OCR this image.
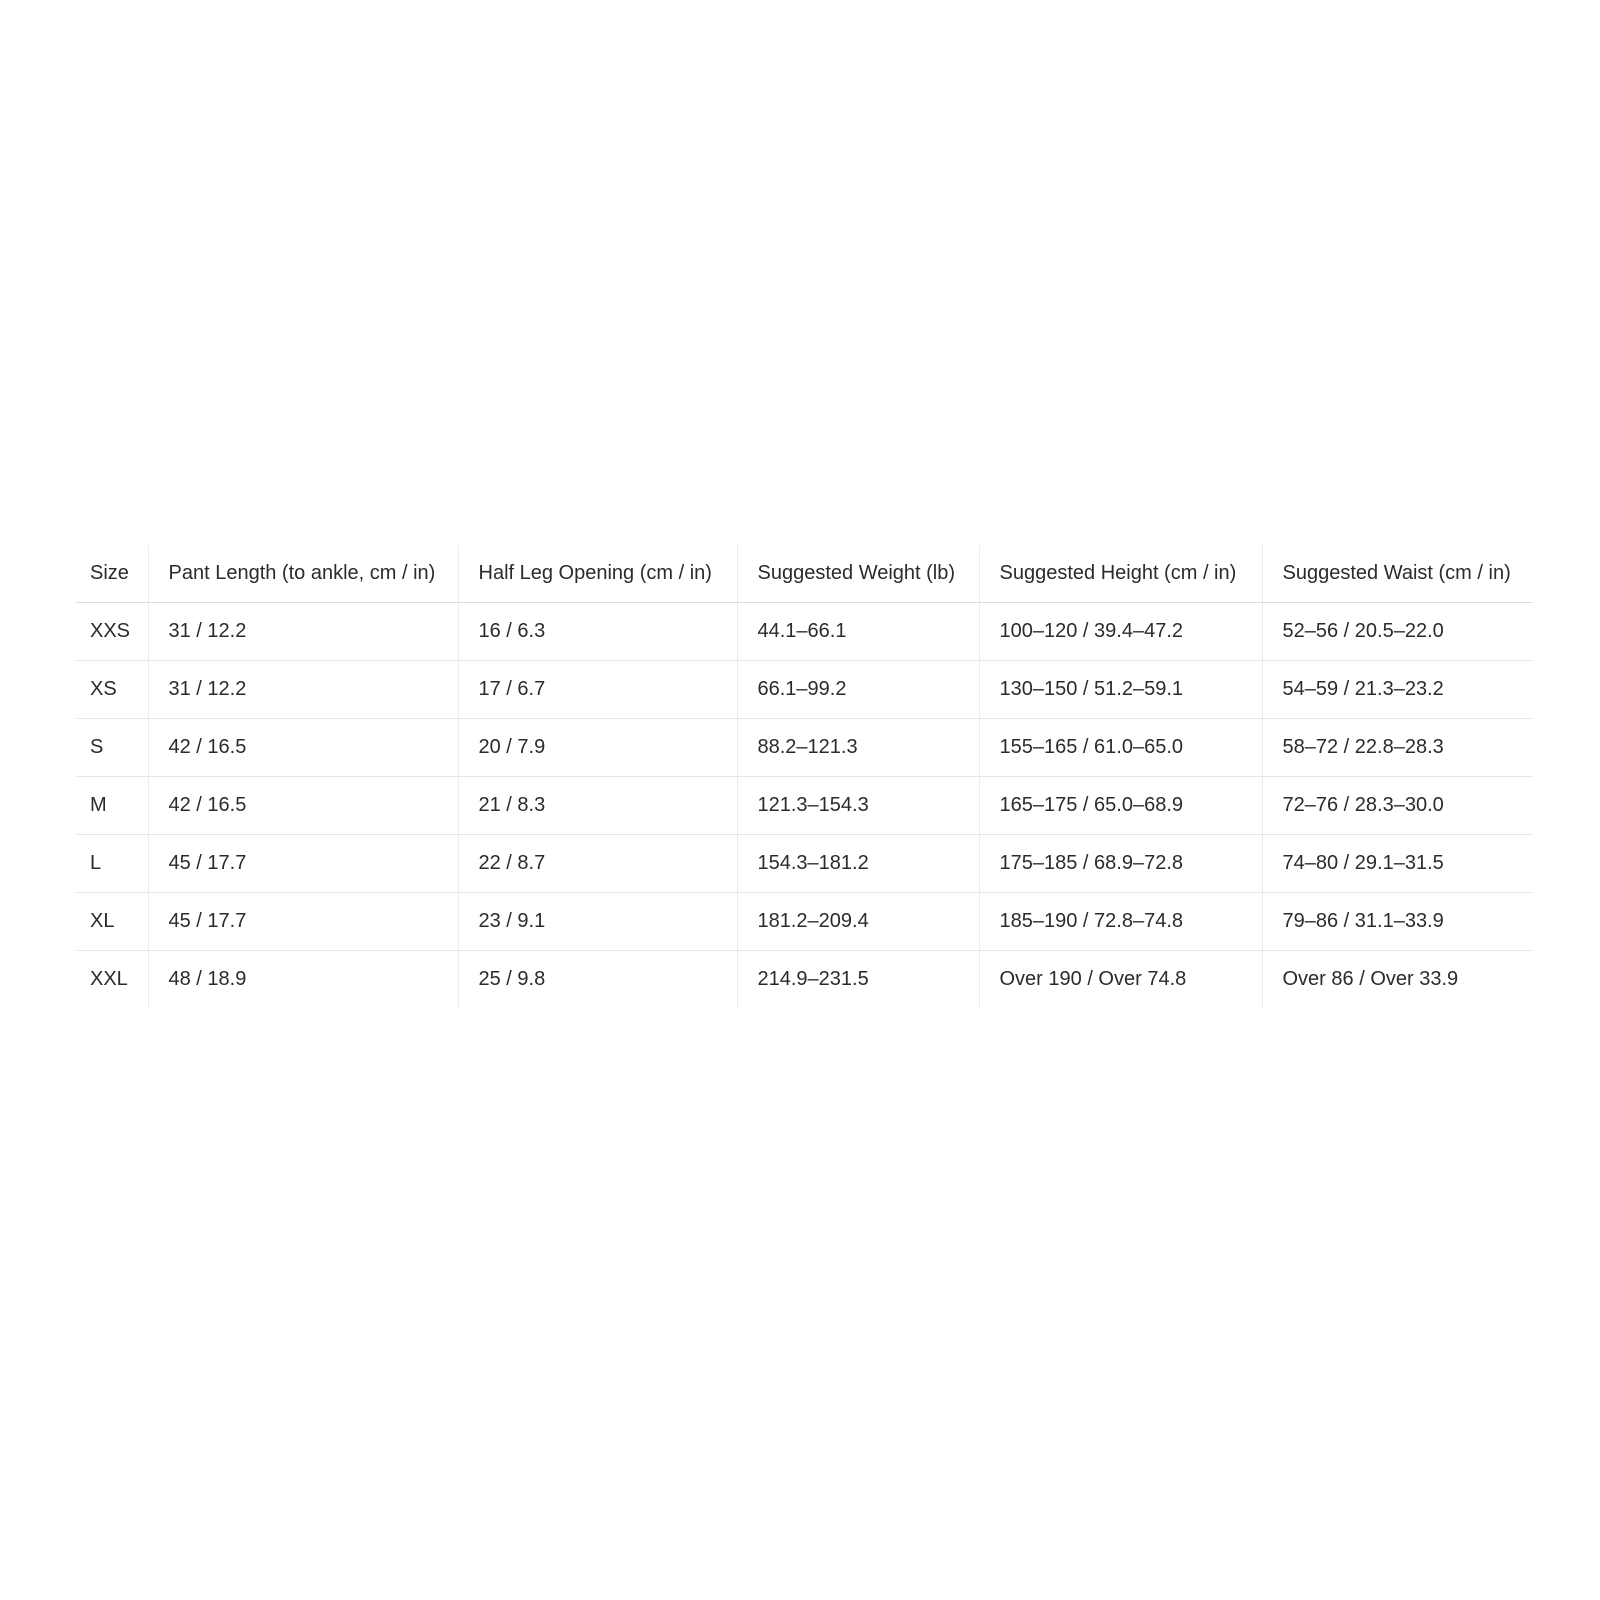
Size	Pant Length (to ankle, cm / in)	Half Leg Opening (cm / in)	Suggested Weight (lb)	Suggested Height (cm / in)	Suggested Waist (cm / in)
XXS	31 / 12.2	16 / 6.3	44.1–66.1	100–120 / 39.4–47.2	52–56 / 20.5–22.0
XS	31 / 12.2	17 / 6.7	66.1–99.2	130–150 / 51.2–59.1	54–59 / 21.3–23.2
S	42 / 16.5	20 / 7.9	88.2–121.3	155–165 / 61.0–65.0	58–72 / 22.8–28.3
M	42 / 16.5	21 / 8.3	121.3–154.3	165–175 / 65.0–68.9	72–76 / 28.3–30.0
L	45 / 17.7	22 / 8.7	154.3–181.2	175–185 / 68.9–72.8	74–80 / 29.1–31.5
XL	45 / 17.7	23 / 9.1	181.2–209.4	185–190 / 72.8–74.8	79–86 / 31.1–33.9
XXL	48 / 18.9	25 / 9.8	214.9–231.5	Over 190 / Over 74.8	Over 86 / Over 33.9
